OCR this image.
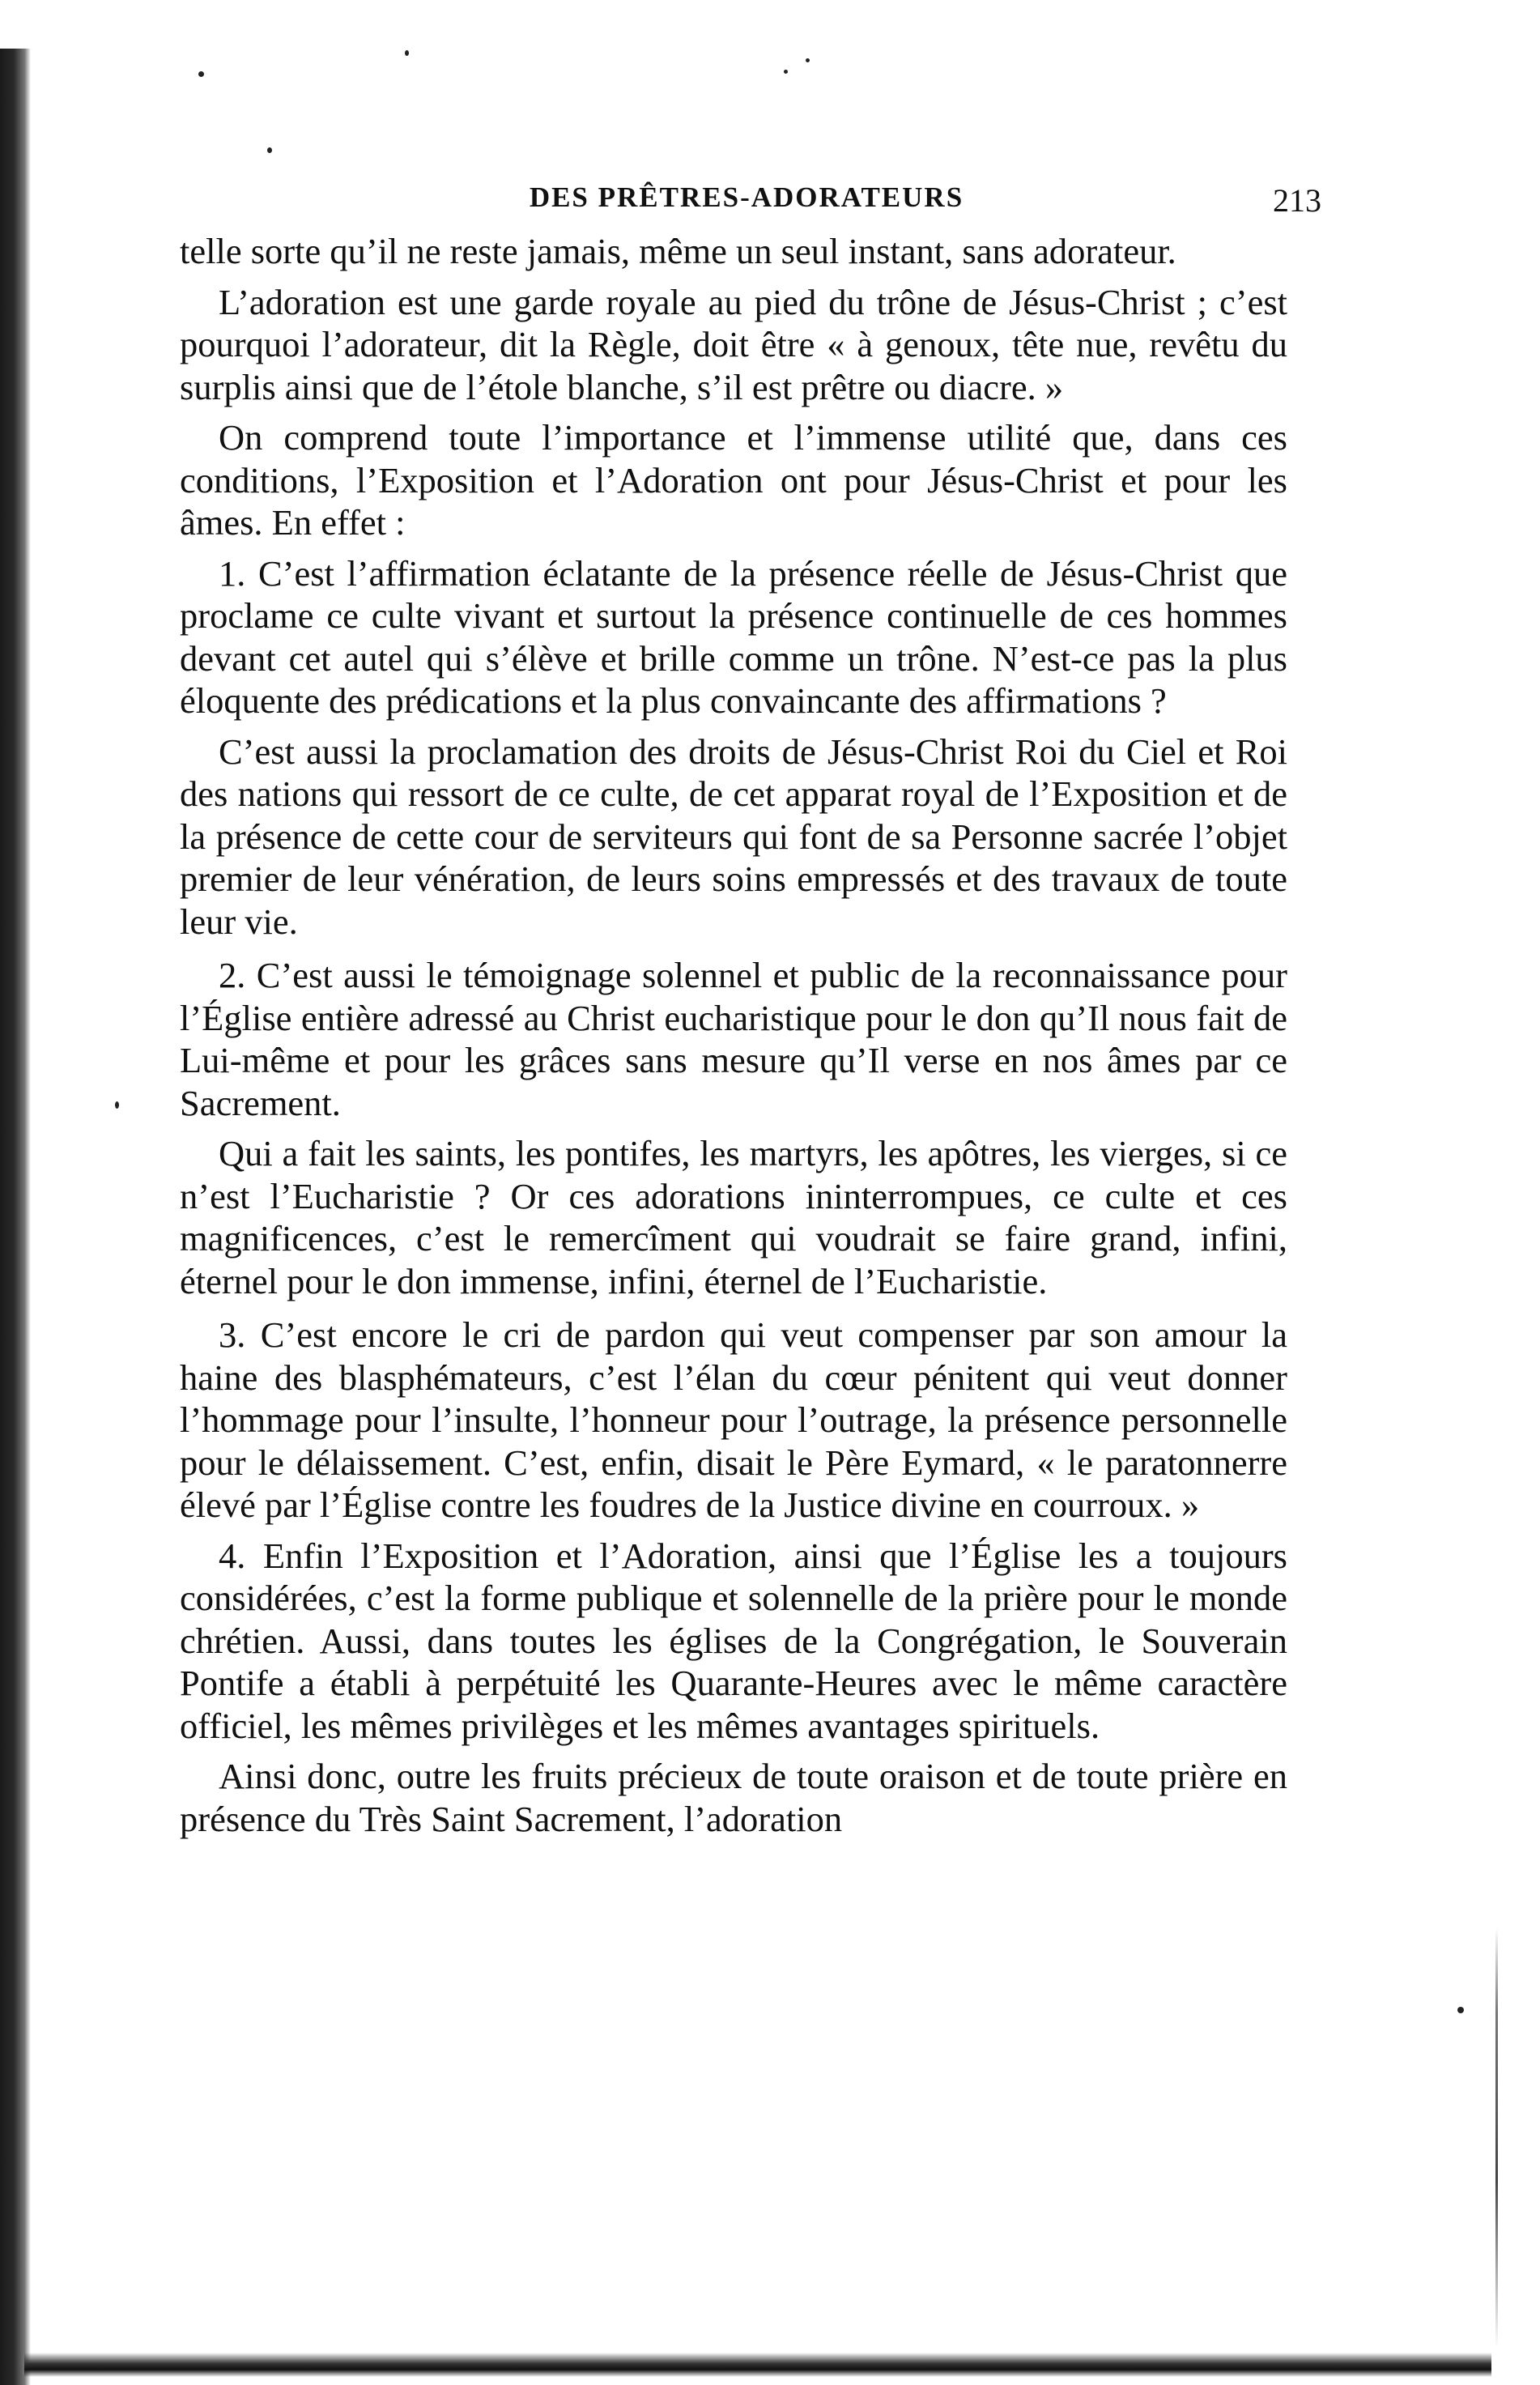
DES PRÊTRES-ADORATEURS	213

telle sorte qu’il ne reste jamais, même un seul instant, sans adorateur.

L’adoration est une garde royale au pied du trône de Jésus-Christ ; c’est pourquoi l’adorateur, dit la Règle, doit être « à genoux, tête nue, revêtu du surplis ainsi que de l’étole blanche, s’il est prêtre ou diacre. »

On comprend toute l’importance et l’immense utilité que, dans ces conditions, l’Exposition et l’Adoration ont pour Jésus-Christ et pour les âmes. En effet :

1. C’est l’affirmation éclatante de la présence réelle de Jésus-Christ que proclame ce culte vivant et surtout la présence continuelle de ces hommes devant cet autel qui s’élève et brille comme un trône. N’est-ce pas la plus éloquente des prédications et la plus convaincante des affirmations ?

C’est aussi la proclamation des droits de Jésus-Christ Roi du Ciel et Roi des nations qui ressort de ce culte, de cet apparat royal de l’Exposition et de la présence de cette cour de serviteurs qui font de sa Personne sacrée l’objet premier de leur vénération, de leurs soins empressés et des travaux de toute leur vie.

2. C’est aussi le témoignage solennel et public de la reconnaissance pour l’Église entière adressé au Christ eucharistique pour le don qu’Il nous fait de Lui-même et pour les grâces sans mesure qu’Il verse en nos âmes par ce Sacrement.

Qui a fait les saints, les pontifes, les martyrs, les apôtres, les vierges, si ce n’est l’Eucharistie ? Or ces adorations ininterrompues, ce culte et ces magnificences, c’est le remercîment qui voudrait se faire grand, infini, éternel pour le don immense, infini, éternel de l’Eucharistie.

3. C’est encore le cri de pardon qui veut compenser par son amour la haine des blasphémateurs, c’est l’élan du cœur pénitent qui veut donner l’hommage pour l’insulte, l’honneur pour l’outrage, la présence personnelle pour le délaissement. C’est, enfin, disait le Père Eymard, « le paratonnerre élevé par l’Église contre les foudres de la Justice divine en courroux. »

4. Enfin l’Exposition et l’Adoration, ainsi que l’Église les a toujours considérées, c’est la forme publique et solennelle de la prière pour le monde chrétien. Aussi, dans toutes les églises de la Congrégation, le Souverain Pontife a établi à perpétuité les Quarante-Heures avec le même caractère officiel, les mêmes privilèges et les mêmes avantages spirituels.

Ainsi donc, outre les fruits précieux de toute oraison et de toute prière en présence du Très Saint Sacrement, l’adoration
